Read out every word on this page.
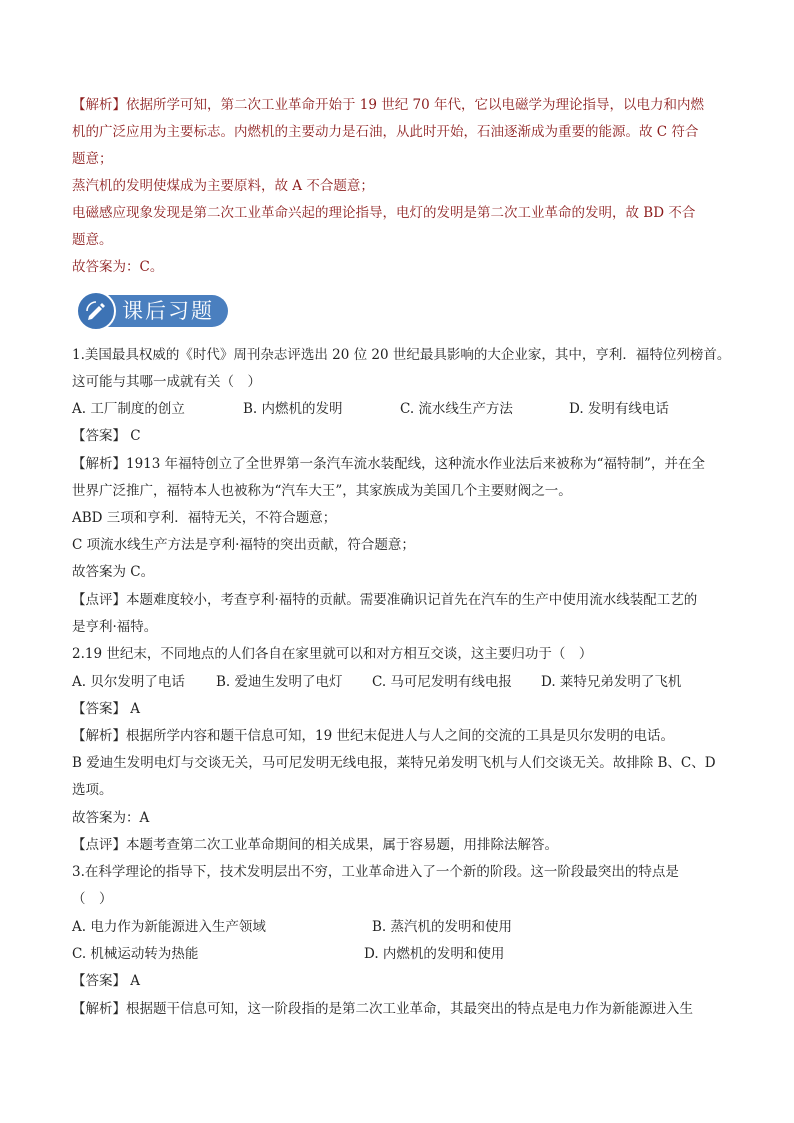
【解析】依据所学可知，第二次工业革命开始于 19 世纪 70 年代，它以电磁学为理论指导，以电力和内燃
机的广泛应用为主要标志。内燃机的主要动力是石油，从此时开始，石油逐渐成为重要的能源。故 C 符合
题意；
蒸汽机的发明使煤成为主要原料，故 A 不合题意；
电磁感应现象发现是第二次工业革命兴起的理论指导，电灯的发明是第二次工业革命的发明，故 BD 不合
题意。
故答案为：C。
课后习题
1.美国最具权威的《时代》周刊杂志评选出 20 位 20 世纪最具影响的大企业家，其中，亨利．福特位列榜首。
这可能与其哪一成就有关（　）
A. 工厂制度的创立	B. 内燃机的发明	C. 流水线生产方法	D. 发明有线电话
【答案】 C
【解析】1913 年福特创立了全世界第一条汽车流水装配线，这种流水作业法后来被称为“福特制”，并在全
世界广泛推广，福特本人也被称为“汽车大王”，其家族成为美国几个主要财阀之一。
ABD 三项和亨利．福特无关，不符合题意；
C 项流水线生产方法是亨利·福特的突出贡献，符合题意；
故答案为 C。
【点评】本题难度较小，考查亨利·福特的贡献。需要准确识记首先在汽车的生产中使用流水线装配工艺的
是亨利·福特。
2.19 世纪末，不同地点的人们各自在家里就可以和对方相互交谈，这主要归功于（　）
A. 贝尔发明了电话 B. 爱迪生发明了电灯 C. 马可尼发明有线电报 D. 莱特兄弟发明了飞机
【答案】 A
【解析】根据所学内容和题干信息可知，19 世纪末促进人与人之间的交流的工具是贝尔发明的电话。
B 爱迪生发明电灯与交谈无关，马可尼发明无线电报，莱特兄弟发明飞机与人们交谈无关。故排除 B、C、D
选项。
故答案为：A
【点评】本题考查第二次工业革命期间的相关成果，属于容易题，用排除法解答。
3.在科学理论的指导下，技术发明层出不穷，工业革命进入了一个新的阶段。这一阶段最突出的特点是
（　）
A. 电力作为新能源进入生产领域	B. 蒸汽机的发明和使用
C. 机械运动转为热能	D. 内燃机的发明和使用
【答案】 A
【解析】根据题干信息可知，这一阶段指的是第二次工业革命，其最突出的特点是电力作为新能源进入生
